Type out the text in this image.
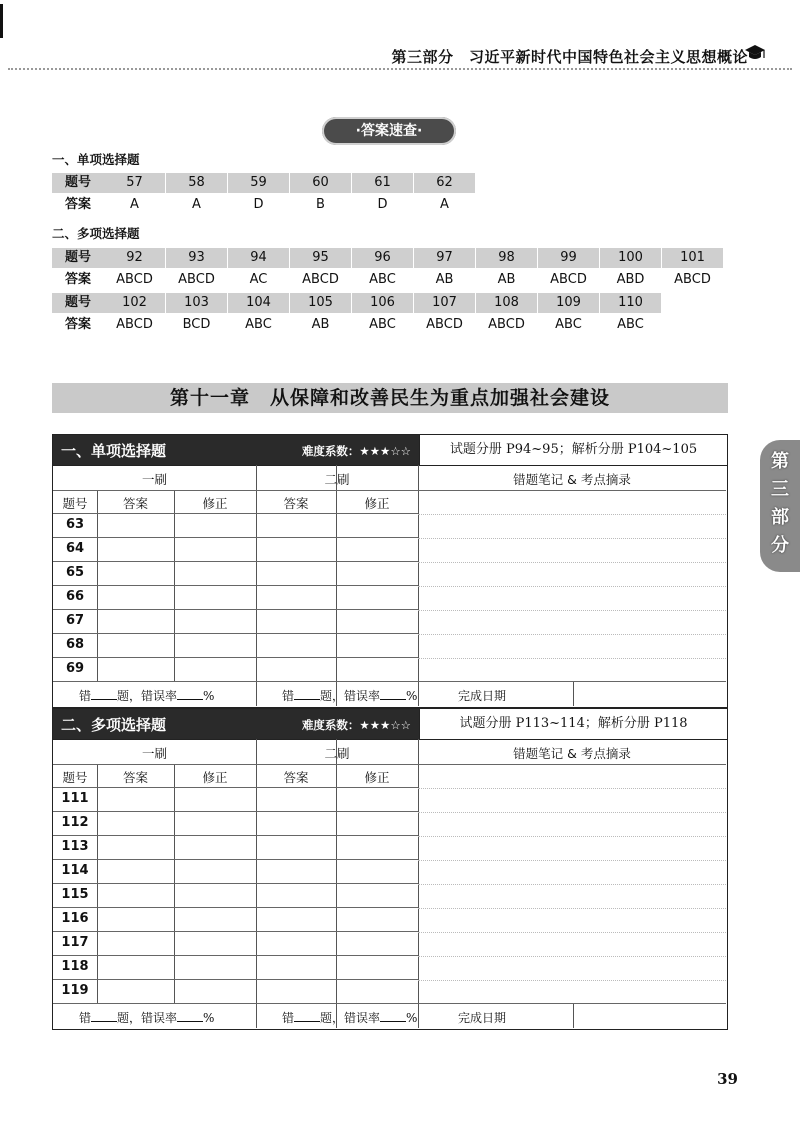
第三部分　习近平新时代中国特色社会主义思想概论
·答案速查·
一、单项选择题
题号	57	58	59	60	61	62
答案	A	A	D	B	D	A
二、多项选择题
题号	92	93	94	95	96	97	98	99	100	101
答案	ABCD	ABCD	AC	ABCD	ABC	AB	AB	ABCD	ABD	ABCD
题号	102	103	104	105	106	107	108	109	110
答案	ABCD	BCD	ABC	AB	ABC	ABCD	ABCD	ABC	ABC
第十一章　从保障和改善民生为重点加强社会建设
一、单项选择题	难度系数：★★★☆☆	试题分册 P94~95；解析分册 P104~105
一刷	二刷	错题笔记 & 考点摘录
题号	答案	修正	答案	修正
63
64
65
66
67
68
69
错 题，错误率 %	错 题，错误率 %	完成日期
二、多项选择题	难度系数：★★★☆☆	试题分册 P113~114；解析分册 P118
一刷	二刷	错题笔记 & 考点摘录
题号	答案	修正	答案	修正
111
112
113
114
115
116
117
118
119
错 题，错误率 %	错 题，错误率 %	完成日期
第
三
部
分
39
